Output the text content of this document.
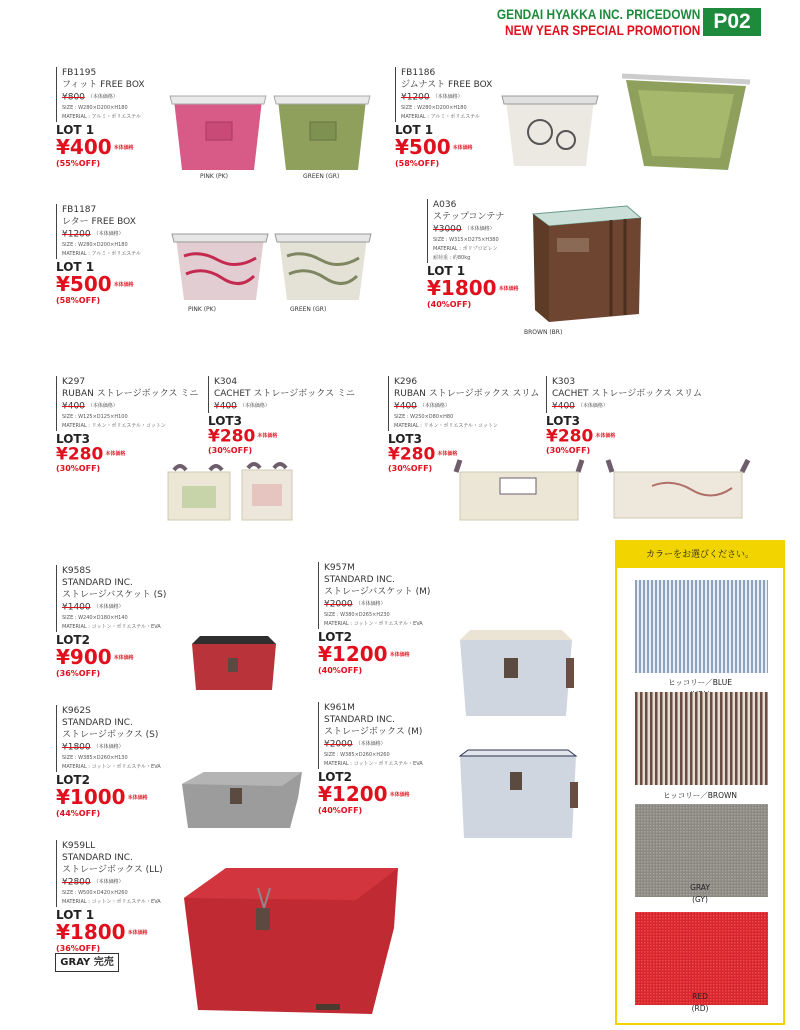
GENDAI HYAKKA INC. PRICEDOWN
NEW YEAR SPECIAL PROMOTION P02
FB1195
フィット FREE BOX
¥800 （本体価格）
SIZE : W280×D200×H180
MATERIAL : アルミ・ポリエステル
LOT 1
¥400 本体価格
(55%OFF)
PINK (PK)	GREEN (GR)
FB1186
ジムナスト FREE BOX
¥1200 （本体価格）
SIZE : W280×D200×H180
MATERIAL : アルミ・ポリエステル
LOT 1
¥500 本体価格
(58%OFF)
FB1187
レター FREE BOX
¥1200 （本体価格）
SIZE : W280×D200×H180
MATERIAL : アルミ・ポリエステル
LOT 1
¥500 本体価格
(58%OFF)
PINK (PK)	GREEN (GR)
A036
ステップコンテナ
¥3000 （本体価格）
SIZE : W315×D275×H380
MATERIAL : ポリプロピレン
耐荷重 : 約80kg
LOT 1
¥1800 本体価格
(40%OFF)
BROWN (BR)
K297
RUBAN ストレージボックス ミニ
¥400 （本体価格）
SIZE : W125×D125×H100
MATERIAL : リネン・ポリエステル・コットン
LOT3
¥280 本体価格
(30%OFF)
K304
CACHET ストレージボックス ミニ
¥400 （本体価格）
LOT3
¥280 本体価格
(30%OFF)
K296
RUBAN ストレージボックス スリム
¥400 （本体価格）
SIZE : W250×D80×H80
MATERIAL : リネン・ポリエステル・コットン
LOT3
¥280 本体価格
(30%OFF)
K303
CACHET ストレージボックス スリム
¥400 （本体価格）
LOT3
¥280 本体価格
(30%OFF)
K958S
STANDARD INC.
ストレージバスケット (S)
¥1400 （本体価格）
SIZE : W240×D180×H140
MATERIAL : コットン・ポリエステル・EVA
LOT2
¥900 本体価格
(36%OFF)
K957M
STANDARD INC.
ストレージバスケット (M)
¥2000 （本体価格）
SIZE : W380×D265×H230
MATERIAL : コットン・ポリエステル・EVA
LOT2
¥1200 本体価格
(40%OFF)
K962S
STANDARD INC.
ストレージボックス (S)
¥1800 （本体価格）
SIZE : W385×D260×H130
MATERIAL : コットン・ポリエステル・EVA
LOT2
¥1000 本体価格
(44%OFF)
K961M
STANDARD INC.
ストレージボックス (M)
¥2000 （本体価格）
SIZE : W385×D260×H260
MATERIAL : コットン・ポリエステル・EVA
LOT2
¥1200 本体価格
(40%OFF)
K959LL
STANDARD INC.
ストレージボックス (LL)
¥2800 （本体価格）
SIZE : W500×D420×H260
MATERIAL : コットン・ポリエステル・EVA
LOT 1
¥1800 本体価格
(36%OFF)
GRAY 完売
カラーをお選びください。
ヒッコリー／BLUE
ヒッコリー／BROWN
GRAY
(GY)
RED
(RD)
